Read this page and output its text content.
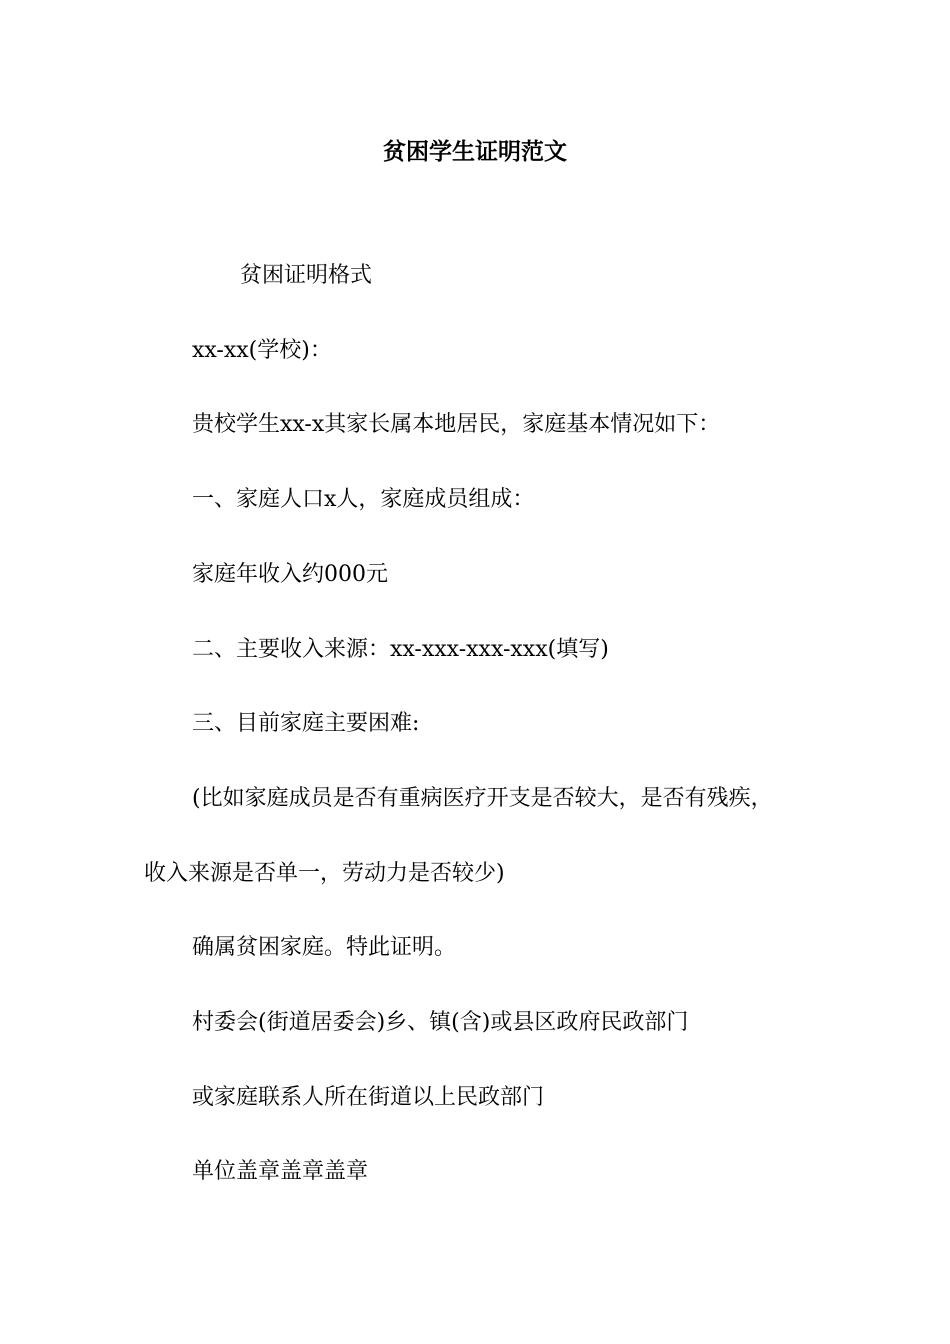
贫困学生证明范文
贫困证明格式
xx-xx(学校)：
贵校学生xx-x其家长属本地居民，家庭基本情况如下：
一、家庭人口x人，家庭成员组成：
家庭年收入约000元
二、主要收入来源：xx-xxx-xxx-xxx(填写)
三、目前家庭主要困难:
(比如家庭成员是否有重病医疗开支是否较大，是否有残疾，
收入来源是否单一，劳动力是否较少)
确属贫困家庭。特此证明。
村委会(街道居委会)乡、镇(含)或县区政府民政部门
或家庭联系人所在街道以上民政部门
单位盖章盖章盖章
